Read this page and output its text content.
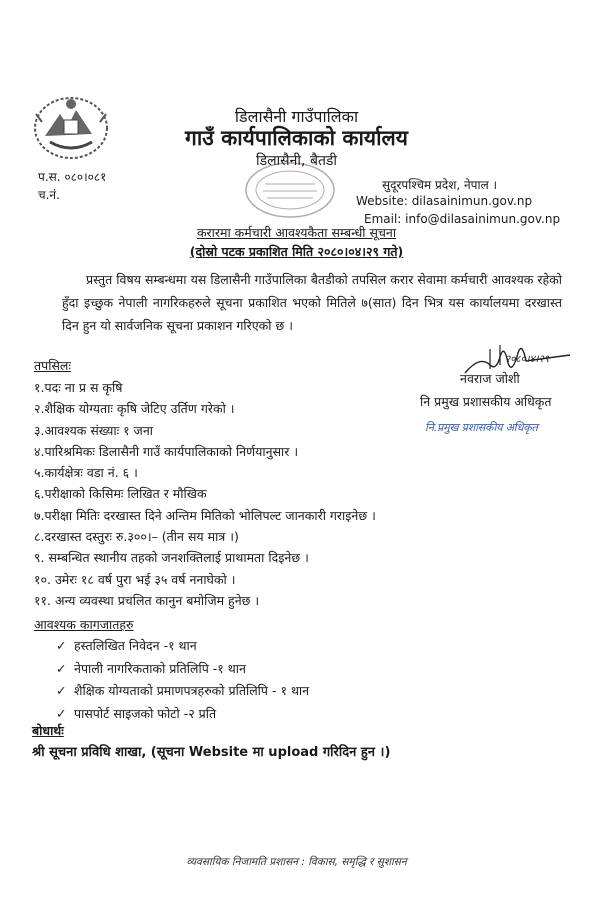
डिलासैनी गाउँपालिका
गाउँ कार्यपालिकाको कार्यालय
डिलासैनी, बैतडी
प.स. ०८०।०८१
च.नं.
सुदूरपश्चिम प्रदेश, नेपाल ।
Website: dilasainimun.gov.np
Email: info@dilasainimun.gov.np
करारमा कर्मचारी आवश्यकैता सम्बन्धी सूचना
(दोस्रो पटक प्रकाशित मिति २०८०।०४।२९ गते)

प्रस्तुत विषय सम्बन्धमा यस डिलासैनी गाउँपालिका बैतडीको तपसिल करार सेवामा कर्मचारी आवश्यक रहेको हुँदा इच्छुक नेपाली नागरिकहरुले सूचना प्रकाशित भएको मितिले ७(सात) दिन भित्र यस कार्यालयमा दरखास्त दिन हुन यो सार्वजनिक सूचना प्रकाशन गरिएको छ ।

तपसिलः
१.पदः ना प्र स कृषि
२.शैक्षिक योग्यताः कृषि जेटिए उर्तिण गरेको ।
३.आवश्यक संख्याः १ जना
४.पारिश्रमिकः डिलासैनी गाउँ कार्यपालिकाको निर्णयानुसार ।
५.कार्यक्षेत्रः वडा नं. ६ ।
६.परीक्षाको किसिमः लिखित र मौखिक
७.परीक्षा मितिः दरखास्त दिने अन्तिम मितिको भोलिपल्ट जानकारी गराइनेछ ।
८.दरखास्त दस्तुरः रु.३००।– (तीन सय मात्र ।)
९. सम्बन्धित स्थानीय तहको जनशक्तिलाई प्राथामता दिइनेछ ।
१०. उमेरः १८ वर्ष पुरा भई ३५ वर्ष ननाघेको ।
११. अन्य व्यवस्था प्रचलित कानुन बमोजिम हुनेछ ।
२०८०।४।२९
नवराज जोशी
नि प्रमुख प्रशासकीय अधिकृत
नि.प्रमुख प्रशासकीय अधिकृत
आवश्यक कागजातहरु
✓ हस्तलिखित निवेदन -१ थान
✓ नेपाली नागरिकताको प्रतिलिपि -१ थान
✓ शैक्षिक योग्यताको प्रमाणपत्रहरुको प्रतिलिपि - १ थान
✓ पासपोर्ट साइजको फोटो -२ प्रति
बोधार्थः
श्री सूचना प्रविधि शाखा, (सूचना Website मा upload गरिदिन हुन ।)
व्यवसायिक निजामति प्रशासन : विकास, समृद्धि र सुशासन
